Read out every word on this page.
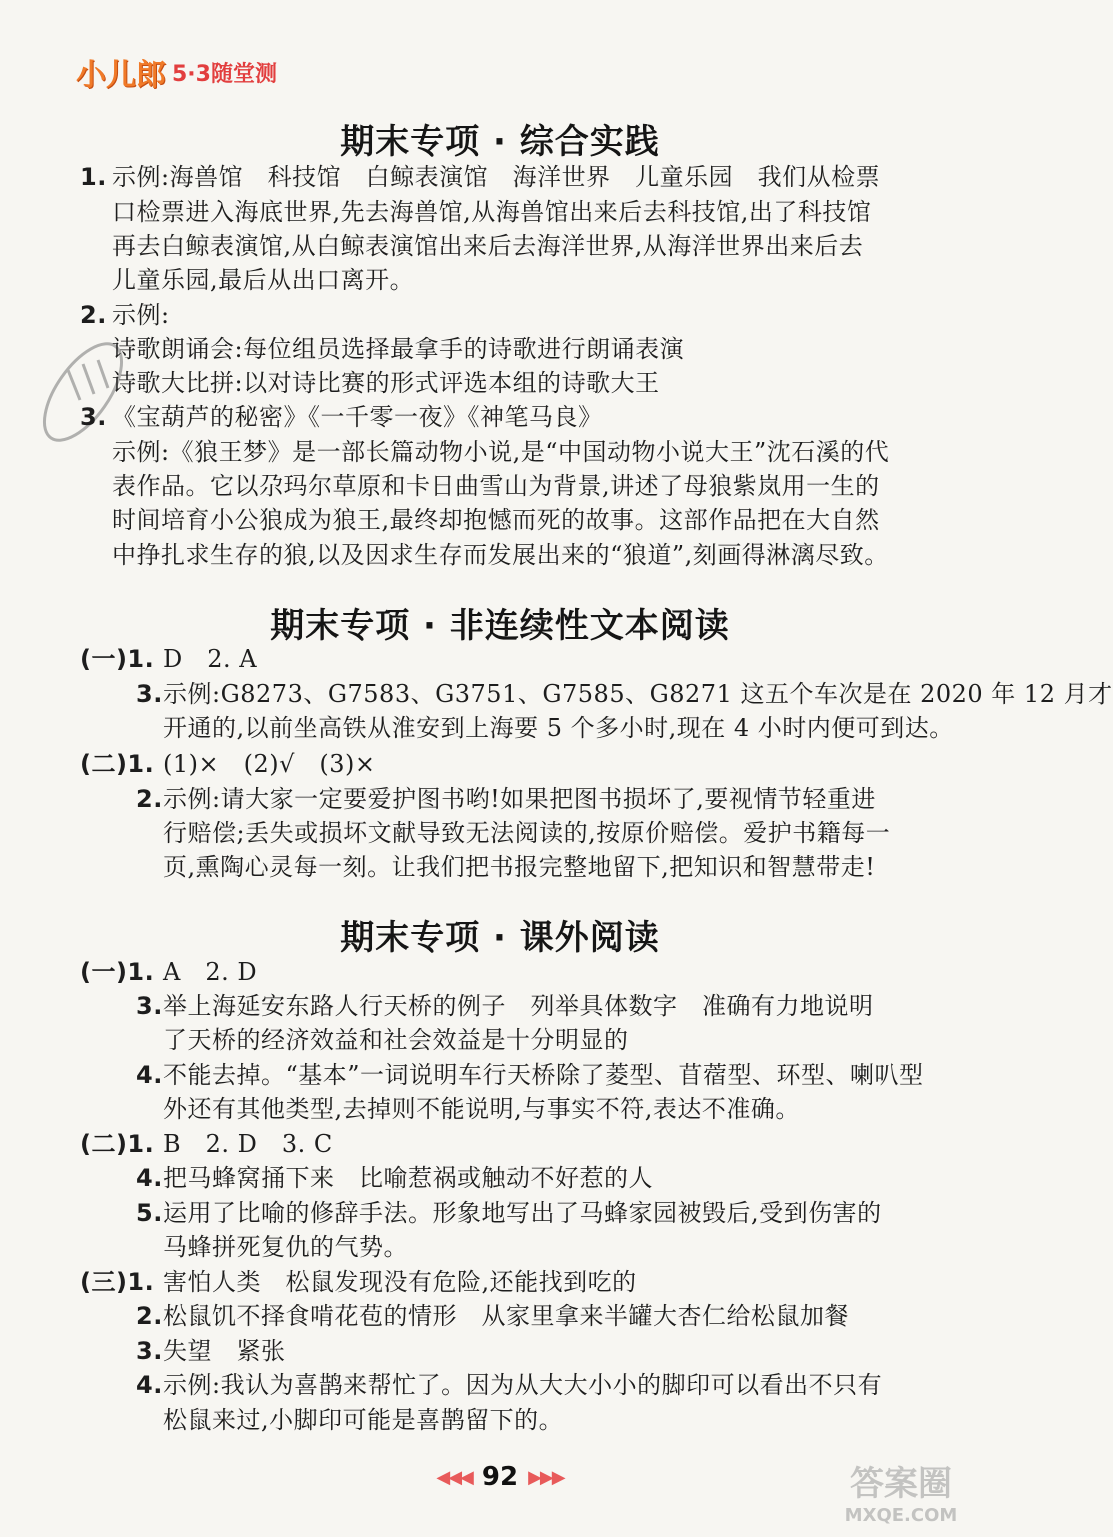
小儿郎 5·3随堂测
期末专项 · 综合实践
期末专项 · 非连续性文本阅读
期末专项 · 课外阅读
1. 示例:海兽馆　科技馆　白鲸表演馆　海洋世界　儿童乐园　我们从检票
口检票进入海底世界,先去海兽馆,从海兽馆出来后去科技馆,出了科技馆
再去白鲸表演馆,从白鲸表演馆出来后去海洋世界,从海洋世界出来后去
儿童乐园,最后从出口离开。
2. 示例:
诗歌朗诵会:每位组员选择最拿手的诗歌进行朗诵表演
诗歌大比拼:以对诗比赛的形式评选本组的诗歌大王
3. 《宝葫芦的秘密》《一千零一夜》《神笔马良》
示例:《狼王梦》是一部长篇动物小说,是“中国动物小说大王”沈石溪的代
表作品。它以尕玛尔草原和卡日曲雪山为背景,讲述了母狼紫岚用一生的
时间培育小公狼成为狼王,最终却抱憾而死的故事。这部作品把在大自然
中挣扎求生存的狼,以及因求生存而发展出来的“狼道”,刻画得淋漓尽致。
(一)1. D　2. A
3. 示例:G8273、G7583、G3751、G7585、G8271 这五个车次是在 2020 年 12 月才
开通的,以前坐高铁从淮安到上海要 5 个多小时,现在 4 小时内便可到达。
(二)1. (1)×　(2)√　(3)×
2. 示例:请大家一定要爱护图书哟!如果把图书损坏了,要视情节轻重进
行赔偿;丢失或损坏文献导致无法阅读的,按原价赔偿。爱护书籍每一
页,熏陶心灵每一刻。让我们把书报完整地留下,把知识和智慧带走!
(一)1. A　2. D
3. 举上海延安东路人行天桥的例子　列举具体数字　准确有力地说明
了天桥的经济效益和社会效益是十分明显的
4. 不能去掉。“基本”一词说明车行天桥除了菱型、苜蓿型、环型、喇叭型
外还有其他类型,去掉则不能说明,与事实不符,表达不准确。
(二)1. B　2. D　3. C
4. 把马蜂窝捅下来　比喻惹祸或触动不好惹的人
5. 运用了比喻的修辞手法。形象地写出了马蜂家园被毁后,受到伤害的
马蜂拼死复仇的气势。
(三)1. 害怕人类　松鼠发现没有危险,还能找到吃的
2. 松鼠饥不择食啃花苞的情形　从家里拿来半罐大杏仁给松鼠加餐
3. 失望　紧张
4. 示例:我认为喜鹊来帮忙了。因为从大大小小的脚印可以看出不只有
松鼠来过,小脚印可能是喜鹊留下的。
◀◀◀ 92 ▶▶▶	答案圈
MXQE.COM
